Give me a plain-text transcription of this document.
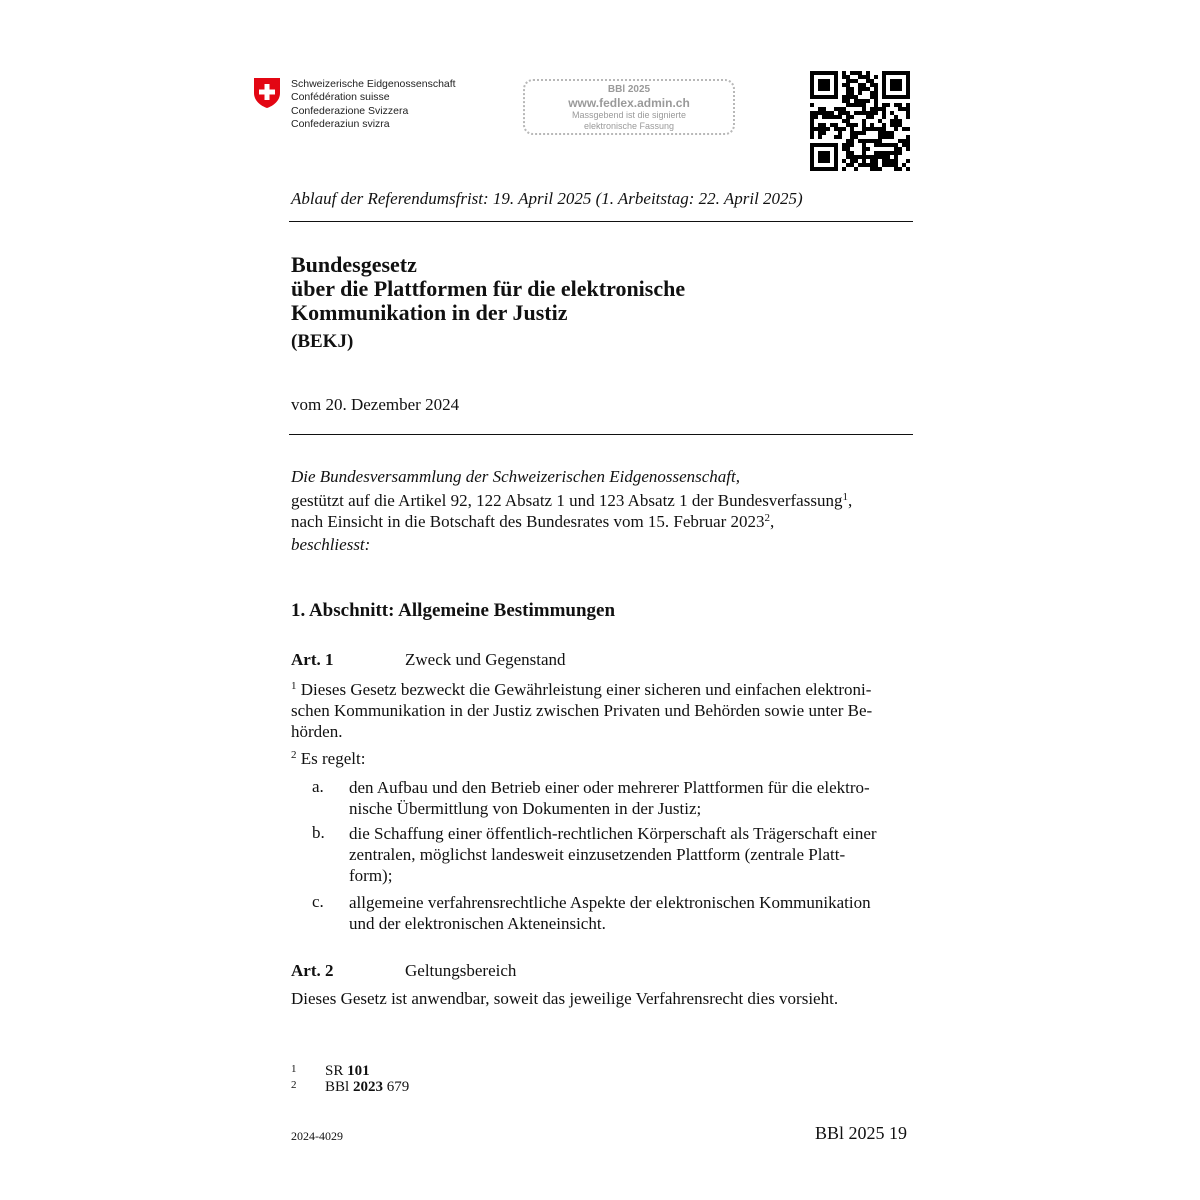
Schweizerische Eidgenossenschaft
Confédération suisse
Confederazione Svizzera
Confederaziun svizra
BBl 2025
www.fedlex.admin.ch
Massgebend ist die signierte
elektronische Fassung
Ablauf der Referendumsfrist: 19. April 2025 (1. Arbeitstag: 22. April 2025)
Bundesgesetz
über die Plattformen für die elektronische
Kommunikation in der Justiz
(BEKJ)
vom 20. Dezember 2024
Die Bundesversammlung der Schweizerischen Eidgenossenschaft,
gestützt auf die Artikel 92, 122 Absatz 1 und 123 Absatz 1 der Bundesverfassung$^1$,
nach Einsicht in die Botschaft des Bundesrates vom 15. Februar 2023$^2$,
beschliesst:
1. Abschnitt: Allgemeine Bestimmungen
Art. 1	Zweck und Gegenstand
$^1$ Dieses Gesetz bezweckt die Gewährleistung einer sicheren und einfachen elektroni-
schen Kommunikation in der Justiz zwischen Privaten und Behörden sowie unter Be-
hörden.
$^2$ Es regelt:
a. den Aufbau und den Betrieb einer oder mehrerer Plattformen für die elektro-
nische Übermittlung von Dokumenten in der Justiz;
b. die Schaffung einer öffentlich-rechtlichen Körperschaft als Trägerschaft einer
zentralen, möglichst landesweit einzusetzenden Plattform (zentrale Platt-
form);
c. allgemeine verfahrensrechtliche Aspekte der elektronischen Kommunikation
und der elektronischen Akteneinsicht.
Art. 2	Geltungsbereich
Dieses Gesetz ist anwendbar, soweit das jeweilige Verfahrensrecht dies vorsieht.
1 SR 101
2 BBl 2023 679
2024-4029	BBl 2025 19
